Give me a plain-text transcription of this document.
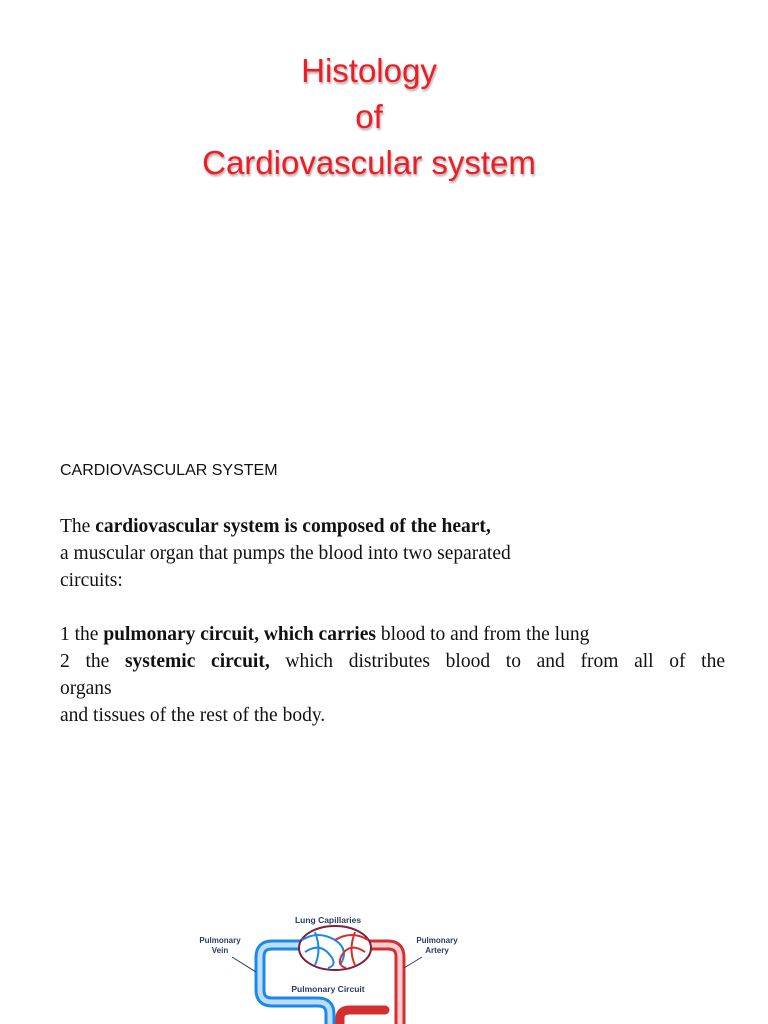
Histology
of
Cardiovascular system
CARDIOVASCULAR SYSTEM
The cardiovascular system is composed of the heart,
a muscular organ that pumps the blood into two separated
circuits:
1 the pulmonary circuit, which carries blood to and from the lung
2 the systemic circuit, which distributes blood to and from all of the
organs
and tissues of the rest of the body.
Lung Capillaries
Pulmonary
Vein
Pulmonary
Artery
Pulmonary Circuit
